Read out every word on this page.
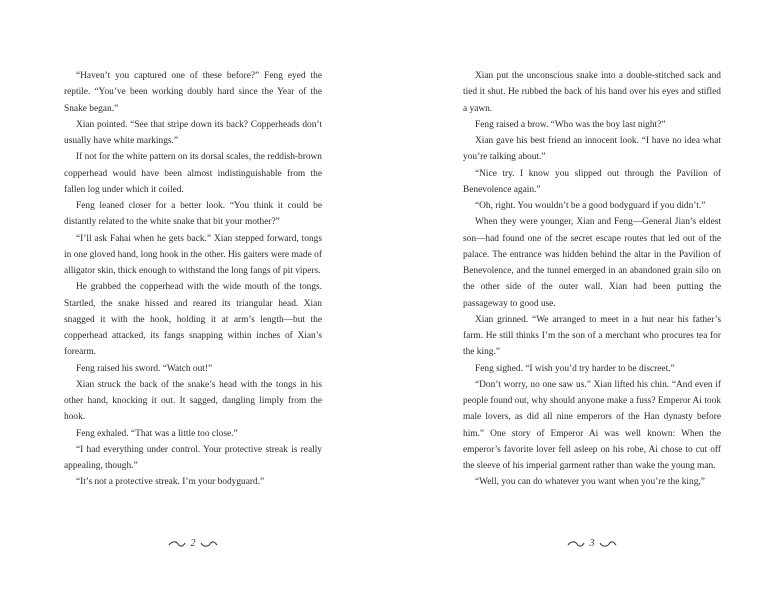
“Haven’t you captured one of these before?” Feng eyed the reptile. “You’ve been working doubly hard since the Year of the Snake began.”

Xian pointed. “See that stripe down its back? Copperheads don’t usually have white markings.”

If not for the white pattern on its dorsal scales, the reddish-brown copperhead would have been almost indistinguishable from the fallen log under which it coiled.

Feng leaned closer for a better look. “You think it could be distantly related to the white snake that bit your mother?”

“I’ll ask Fahai when he gets back.” Xian stepped forward, tongs in one gloved hand, long hook in the other. His gaiters were made of alligator skin, thick enough to withstand the long fangs of pit vipers.

He grabbed the copperhead with the wide mouth of the tongs. Startled, the snake hissed and reared its triangular head. Xian snagged it with the hook, holding it at arm’s length—but the copperhead attacked, its fangs snapping within inches of Xian’s forearm.

Feng raised his sword. “Watch out!”

Xian struck the back of the snake’s head with the tongs in his other hand, knocking it out. It sagged, dangling limply from the hook.

Feng exhaled. “That was a little too close.”

“I had everything under control. Your protective streak is really appealing, though.”

“It’s not a protective streak. I’m your bodyguard.”

2

Xian put the unconscious snake into a double-stitched sack and tied it shut. He rubbed the back of his hand over his eyes and stifled a yawn.

Feng raised a brow. “Who was the boy last night?”

Xian gave his best friend an innocent look. “I have no idea what you’re talking about.”

“Nice try. I know you slipped out through the Pavilion of Benevolence again.”

“Oh, right. You wouldn’t be a good bodyguard if you didn’t.”

When they were younger, Xian and Feng—General Jian’s eldest son—had found one of the secret escape routes that led out of the palace. The entrance was hidden behind the altar in the Pavilion of Benevolence, and the tunnel emerged in an abandoned grain silo on the other side of the outer wall. Xian had been putting the passageway to good use.

Xian grinned. “We arranged to meet in a hut near his father’s farm. He still thinks I’m the son of a merchant who procures tea for the king.”

Feng sighed. “I wish you’d try harder to be discreet.”

“Don’t worry, no one saw us.” Xian lifted his chin. “And even if people found out, why should anyone make a fuss? Emperor Ai took male lovers, as did all nine emperors of the Han dynasty before him.” One story of Emperor Ai was well known: When the emperor’s favorite lover fell asleep on his robe, Ai chose to cut off the sleeve of his imperial garment rather than wake the young man.

“Well, you can do whatever you want when you’re the king,”

3
